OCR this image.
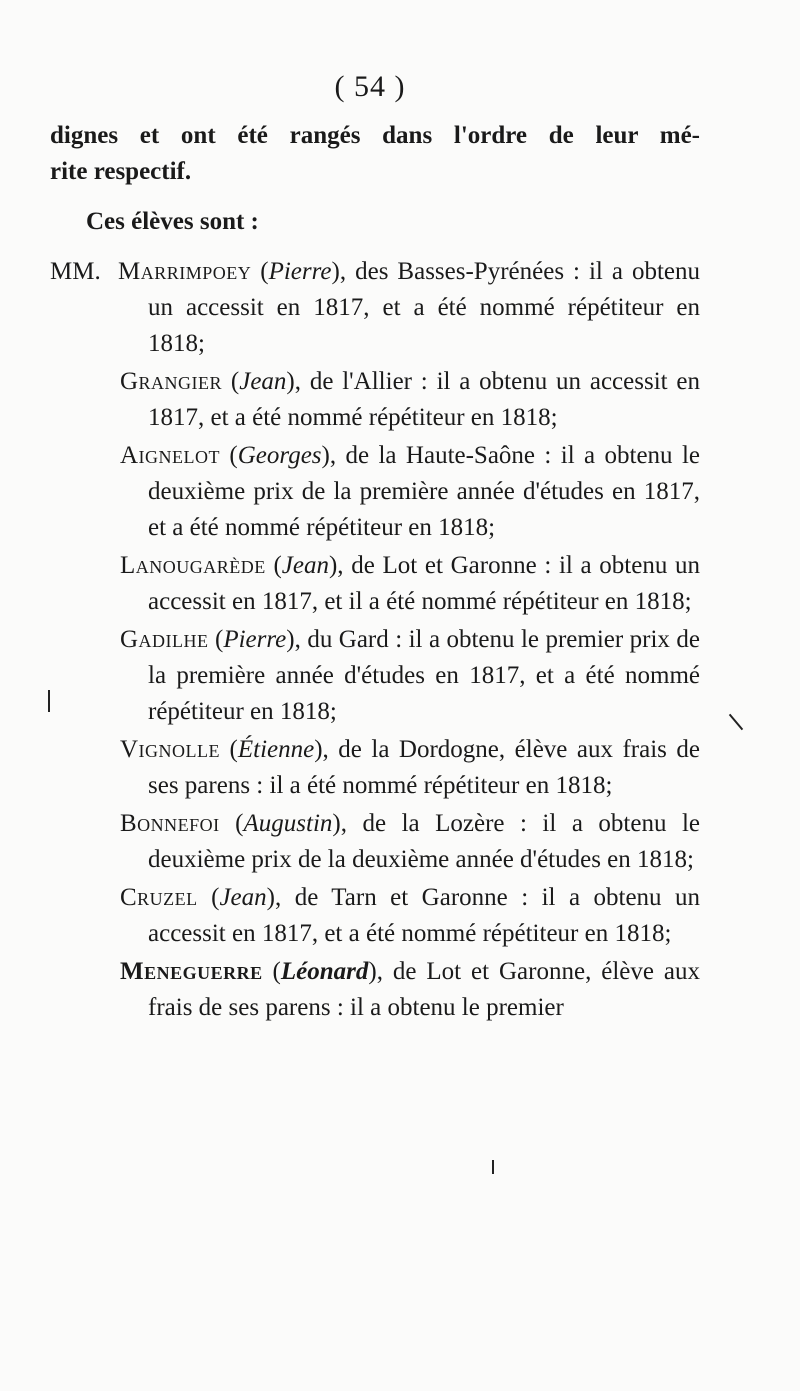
( 54 )

dignes et ont été rangés dans l'ordre de leur mé-
rite respectif.

Ces élèves sont :

MM. Marrimpoey (Pierre), des Basses-Pyrénées : il a obtenu un accessit en 1817, et a été nommé répétiteur en 1818;
Grangier (Jean), de l'Allier : il a obtenu un accessit en 1817, et a été nommé répétiteur en 1818;
Aignelot (Georges), de la Haute-Saône : il a obtenu le deuxième prix de la première année d'études en 1817, et a été nommé répétiteur en 1818;
Lanougarède (Jean), de Lot et Garonne : il a obtenu un accessit en 1817, et il a été nommé répétiteur en 1818;
Gadilhe (Pierre), du Gard : il a obtenu le premier prix de la première année d'études en 1817, et a été nommé répétiteur en 1818;
Vignolle (Étienne), de la Dordogne, élève aux frais de ses parens : il a été nommé répétiteur en 1818;
Bonnefoi (Augustin), de la Lozère : il a obtenu le deuxième prix de la deuxième année d'études en 1818;
Cruzel (Jean), de Tarn et Garonne : il a obtenu un accessit en 1817, et a été nommé répétiteur en 1818;
Meneguerre (Léonard), de Lot et Garonne, élève aux frais de ses parens : il a obtenu le premier
